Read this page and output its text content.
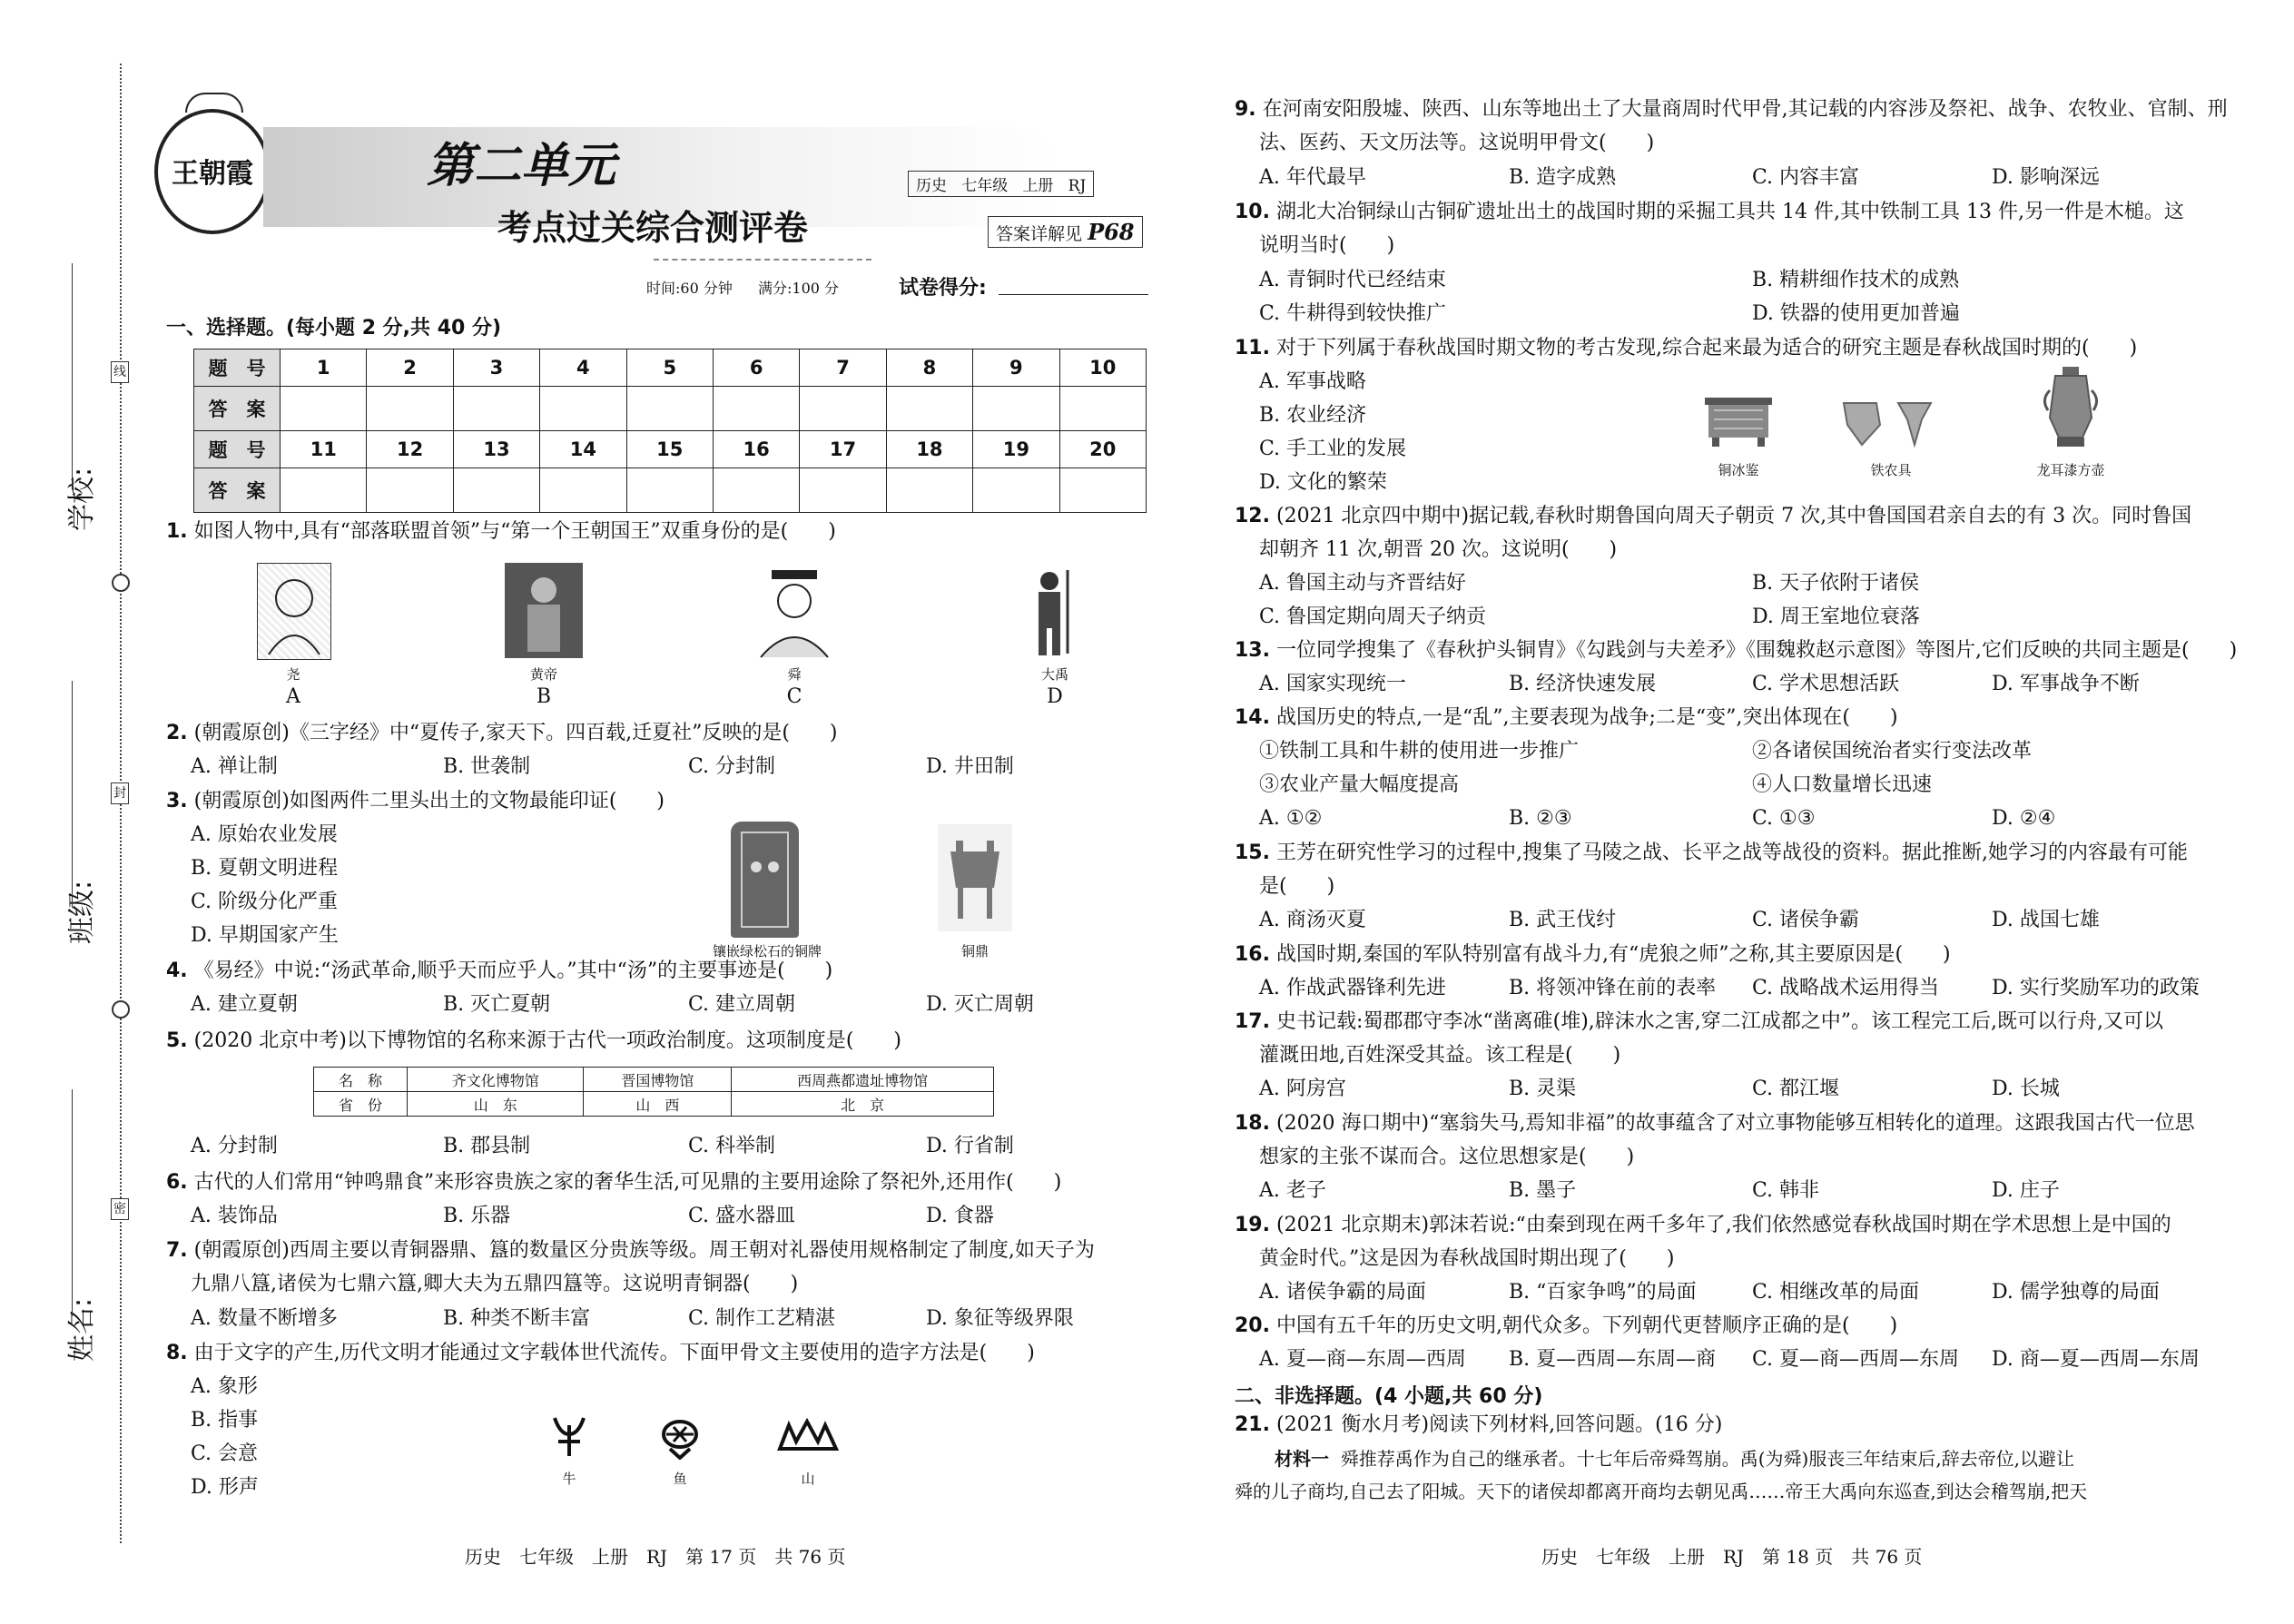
姓名:
班级:
学校:
线
封
密
王朝霞	第二单元
考点过关综合测评卷
历史 七年级 上册 RJ
答案详解见 P68
时间:60 分钟 满分:100 分	试卷得分:
一、选择题。(每小题 2 分,共 40 分)
题　号	1	2	3	4	5	6	7	8	9	10
答　案										
题　号	11	12	13	14	15	16	17	18	19	20
答　案										
1. 如图人物中,具有“部落联盟首领”与“第一个王朝国王”双重身份的是(　　)
尧
A
黄帝
B
舜
C
大禹
D
2. (朝霞原创)《三字经》中“夏传子,家天下。四百载,迁夏社”反映的是(　　)
A. 禅让制	B. 世袭制	C. 分封制	D. 井田制
3. (朝霞原创)如图两件二里头出土的文物最能印证(　　)
A. 原始农业发展
B. 夏朝文明进程
C. 阶级分化严重
D. 早期国家产生
镶嵌绿松石的铜牌	铜鼎
4. 《易经》中说:“汤武革命,顺乎天而应乎人。”其中“汤”的主要事迹是(　　)
A. 建立夏朝	B. 灭亡夏朝	C. 建立周朝	D. 灭亡周朝
5. (2020 北京中考)以下博物馆的名称来源于古代一项政治制度。这项制度是(　　)
名　称	齐文化博物馆	晋国博物馆	西周燕都遗址博物馆
省　份	山　东	山　西	北　京
A. 分封制	B. 郡县制	C. 科举制	D. 行省制
6. 古代的人们常用“钟鸣鼎食”来形容贵族之家的奢华生活,可见鼎的主要用途除了祭祀外,还用作(　　)
A. 装饰品	B. 乐器	C. 盛水器皿	D. 食器
7. (朝霞原创)西周主要以青铜器鼎、簋的数量区分贵族等级。周王朝对礼器使用规格制定了制度,如天子为
九鼎八簋,诸侯为七鼎六簋,卿大夫为五鼎四簋等。这说明青铜器(　　)
A. 数量不断增多	B. 种类不断丰富	C. 制作工艺精湛	D. 象征等级界限
8. 由于文字的产生,历代文明才能通过文字载体世代流传。下面甲骨文主要使用的造字方法是(　　)
A. 象形
B. 指事
C. 会意
D. 形声	牛	鱼	山
历史　七年级　上册　RJ　第 17 页　共 76 页
9. 在河南安阳殷墟、陕西、山东等地出土了大量商周时代甲骨,其记载的内容涉及祭祀、战争、农牧业、官制、刑
法、医药、天文历法等。这说明甲骨文(　　)
A. 年代最早	B. 造字成熟	C. 内容丰富	D. 影响深远
10. 湖北大冶铜绿山古铜矿遗址出土的战国时期的采掘工具共 14 件,其中铁制工具 13 件,另一件是木槌。这
说明当时(　　)
A. 青铜时代已经结束	B. 精耕细作技术的成熟
C. 牛耕得到较快推广	D. 铁器的使用更加普遍
11. 对于下列属于春秋战国时期文物的考古发现,综合起来最为适合的研究主题是春秋战国时期的(　　)
A. 军事战略
B. 农业经济
C. 手工业的发展
D. 文化的繁荣
铜冰鉴	铁农具	龙耳漆方壶
12. (2021 北京四中期中)据记载,春秋时期鲁国向周天子朝贡 7 次,其中鲁国国君亲自去的有 3 次。同时鲁国
却朝齐 11 次,朝晋 20 次。这说明(　　)
A. 鲁国主动与齐晋结好	B. 天子依附于诸侯
C. 鲁国定期向周天子纳贡	D. 周王室地位衰落
13. 一位同学搜集了《春秋护头铜胄》《勾践剑与夫差矛》《围魏救赵示意图》等图片,它们反映的共同主题是(　　)
A. 国家实现统一	B. 经济快速发展	C. 学术思想活跃	D. 军事战争不断
14. 战国历史的特点,一是“乱”,主要表现为战争;二是“变”,突出体现在(　　)
①铁制工具和牛耕的使用进一步推广	②各诸侯国统治者实行变法改革
③农业产量大幅度提高	④人口数量增长迅速
A. ①②	B. ②③	C. ①③	D. ②④
15. 王芳在研究性学习的过程中,搜集了马陵之战、长平之战等战役的资料。据此推断,她学习的内容最有可能
是(　　)
A. 商汤灭夏	B. 武王伐纣	C. 诸侯争霸	D. 战国七雄
16. 战国时期,秦国的军队特别富有战斗力,有“虎狼之师”之称,其主要原因是(　　)
A. 作战武器锋利先进	B. 将领冲锋在前的表率 C. 战略战术运用得当	D. 实行奖励军功的政策
17. 史书记载:蜀郡郡守李冰“凿离碓(堆),辟沫水之害,穿二江成都之中”。该工程完工后,既可以行舟,又可以
灌溉田地,百姓深受其益。该工程是(　　)
A. 阿房宫	B. 灵渠	C. 都江堰	D. 长城
18. (2020 海口期中)“塞翁失马,焉知非福”的故事蕴含了对立事物能够互相转化的道理。这跟我国古代一位思
想家的主张不谋而合。这位思想家是(　　)
A. 老子	B. 墨子	C. 韩非	D. 庄子
19. (2021 北京期末)郭沫若说:“由秦到现在两千多年了,我们依然感觉春秋战国时期在学术思想上是中国的
黄金时代。”这是因为春秋战国时期出现了(　　)
A. 诸侯争霸的局面	B. “百家争鸣”的局面	C. 相继改革的局面	D. 儒学独尊的局面
20. 中国有五千年的历史文明,朝代众多。下列朝代更替顺序正确的是(　　)
A. 夏—商—东周—西周 B. 夏—西周—东周—商 C. 夏—商—西周—东周 D. 商—夏—西周—东周
二、非选择题。(4 小题,共 60 分)
21. (2021 衡水月考)阅读下列材料,回答问题。(16 分)
材料一 舜推荐禹作为自己的继承者。十七年后帝舜驾崩。禹(为舜)服丧三年结束后,辞去帝位,以避让
舜的儿子商均,自己去了阳城。天下的诸侯却都离开商均去朝见禹……帝王大禹向东巡查,到达会稽驾崩,把天
历史　七年级　上册　RJ　第 18 页　共 76 页
